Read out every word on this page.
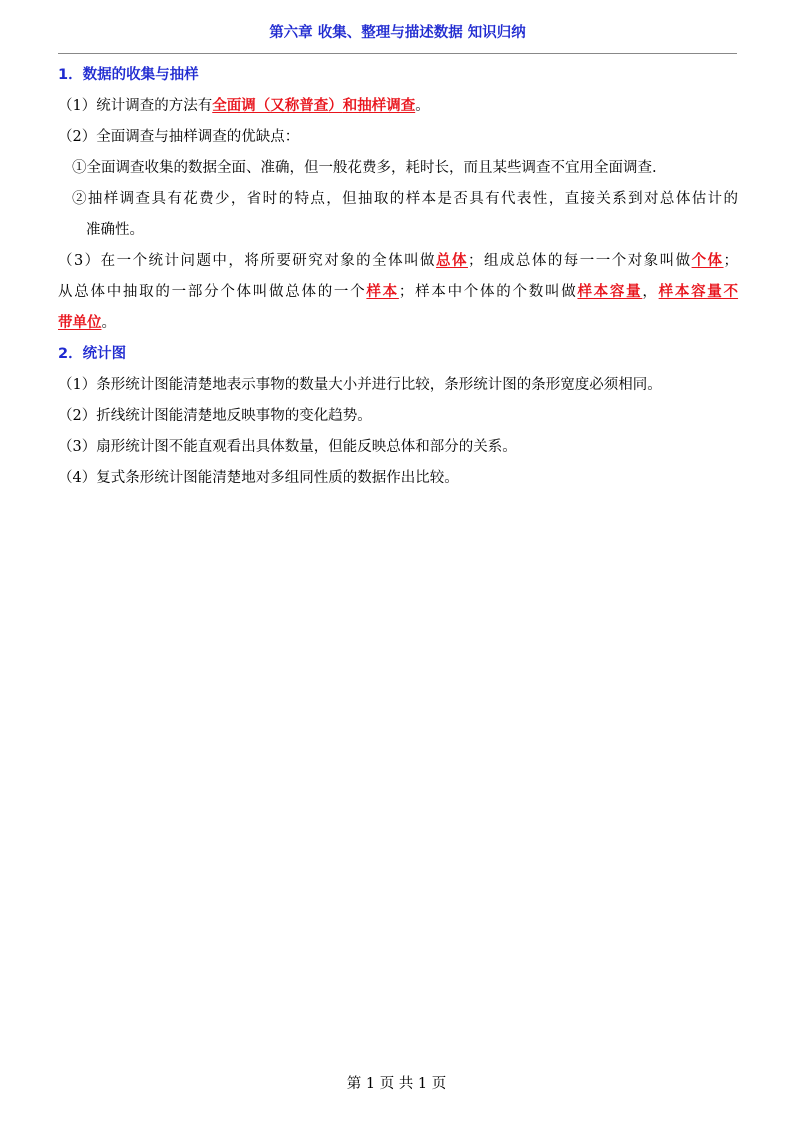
第六章 收集、整理与描述数据 知识归纳
1．数据的收集与抽样
（1）统计调查的方法有全面调（又称普查）和抽样调查。
（2）全面调查与抽样调查的优缺点：
①全面调查收集的数据全面、准确，但一般花费多，耗时长，而且某些调查不宜用全面调查.
②抽样调查具有花费少，省时的特点，但抽取的样本是否具有代表性，直接关系到对总体估计的
准确性。
（3）在一个统计问题中，将所要研究对象的全体叫做总体；组成总体的每一一个对象叫做个体；
从总体中抽取的一部分个体叫做总体的一个样本；样本中个体的个数叫做样本容量，样本容量不
带单位。
2．统计图
（1）条形统计图能清楚地表示事物的数量大小并进行比较，条形统计图的条形宽度必须相同。
（2）折线统计图能清楚地反映事物的变化趋势。
（3）扇形统计图不能直观看出具体数量，但能反映总体和部分的关系。
（4）复式条形统计图能清楚地对多组同性质的数据作出比较。
第 1 页 共 1 页
